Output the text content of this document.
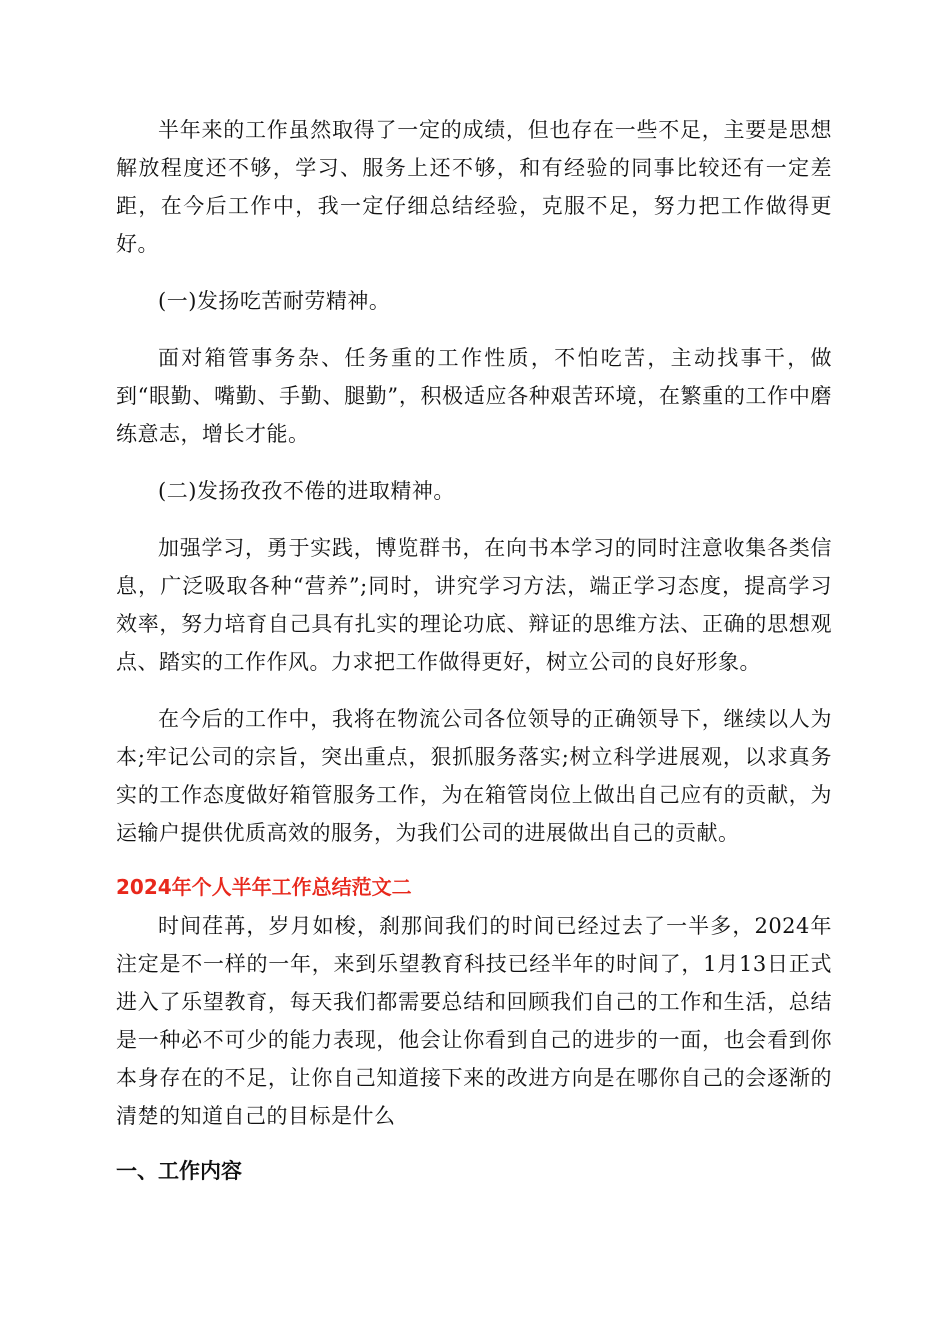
半年来的工作虽然取得了一定的成绩，但也存在一些不足，主要是思想解放程度还不够，学习、服务上还不够，和有经验的同事比较还有一定差距，在今后工作中，我一定仔细总结经验，克服不足，努力把工作做得更好。

(一)发扬吃苦耐劳精神。

面对箱管事务杂、任务重的工作性质，不怕吃苦，主动找事干，做到“眼勤、嘴勤、手勤、腿勤”，积极适应各种艰苦环境，在繁重的工作中磨练意志，增长才能。

(二)发扬孜孜不倦的进取精神。

加强学习，勇于实践，博览群书，在向书本学习的同时注意收集各类信息，广泛吸取各种“营养”;同时，讲究学习方法，端正学习态度，提高学习效率，努力培育自己具有扎实的理论功底、辩证的思维方法、正确的思想观点、踏实的工作作风。力求把工作做得更好，树立公司的良好形象。

在今后的工作中，我将在物流公司各位领导的正确领导下，继续以人为本;牢记公司的宗旨，突出重点，狠抓服务落实;树立科学进展观，以求真务实的工作态度做好箱管服务工作，为在箱管岗位上做出自己应有的贡献，为运输户提供优质高效的服务，为我们公司的进展做出自己的贡献。

2024年个人半年工作总结范文二

时间荏苒，岁月如梭，刹那间我们的时间已经过去了一半多，2024年注定是不一样的一年，来到乐望教育科技已经半年的时间了，1月13日正式进入了乐望教育，每天我们都需要总结和回顾我们自己的工作和生活，总结是一种必不可少的能力表现，他会让你看到自己的进步的一面，也会看到你本身存在的不足，让你自己知道接下来的改进方向是在哪你自己的会逐渐的清楚的知道自己的目标是什么

一、工作内容
